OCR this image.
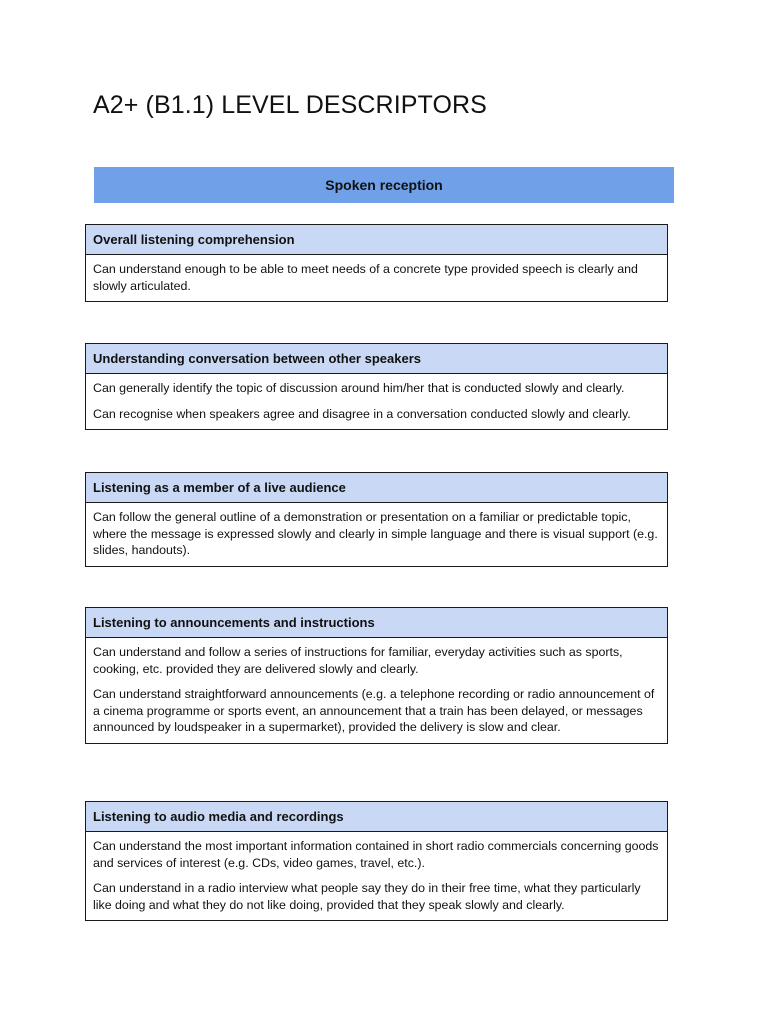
A2+ (B1.1) LEVEL DESCRIPTORS
Spoken reception
Overall listening comprehension

Can understand enough to be able to meet needs of a concrete type provided speech is clearly and slowly articulated.

Understanding conversation between other speakers

Can generally identify the topic of discussion around him/her that is conducted slowly and clearly.

Can recognise when speakers agree and disagree in a conversation conducted slowly and clearly.

Listening as a member of a live audience

Can follow the general outline of a demonstration or presentation on a familiar or predictable topic, where the message is expressed slowly and clearly in simple language and there is visual support (e.g. slides, handouts).

Listening to announcements and instructions

Can understand and follow a series of instructions for familiar, everyday activities such as sports, cooking, etc. provided they are delivered slowly and clearly.

Can understand straightforward announcements (e.g. a telephone recording or radio announcement of a cinema programme or sports event, an announcement that a train has been delayed, or messages announced by loudspeaker in a supermarket), provided the delivery is slow and clear.

Listening to audio media and recordings

Can understand the most important information contained in short radio commercials concerning goods and services of interest (e.g. CDs, video games, travel, etc.).

Can understand in a radio interview what people say they do in their free time, what they particularly like doing and what they do not like doing, provided that they speak slowly and clearly.
